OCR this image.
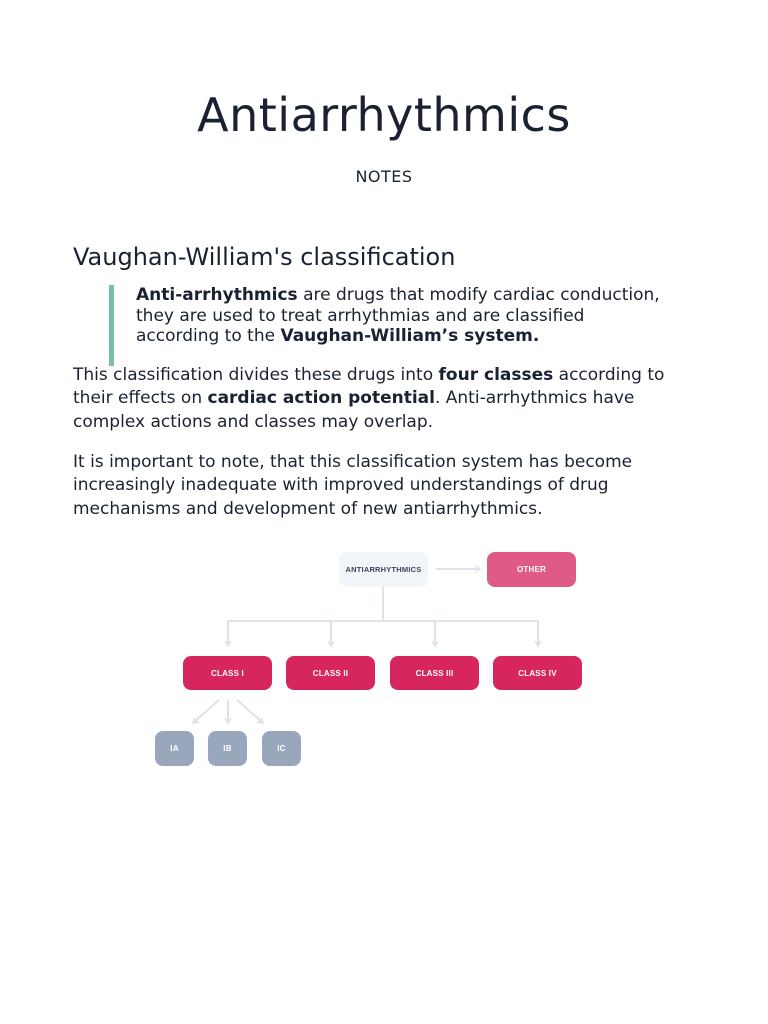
Antiarrhythmics
NOTES
Vaughan-William's classification
Anti-arrhythmics are drugs that modify cardiac conduction, they are used to treat arrhythmias and are classified according to the Vaughan-William’s system.

This classification divides these drugs into four classes according to their effects on cardiac action potential. Anti-arrhythmics have complex actions and classes may overlap.

It is important to note, that this classification system has become increasingly inadequate with improved understandings of drug mechanisms and development of new antiarrhythmics.

ANTIARRHYTHMICS	OTHER
CLASS I	CLASS II	CLASS III	CLASS IV
IA	IB	IC
